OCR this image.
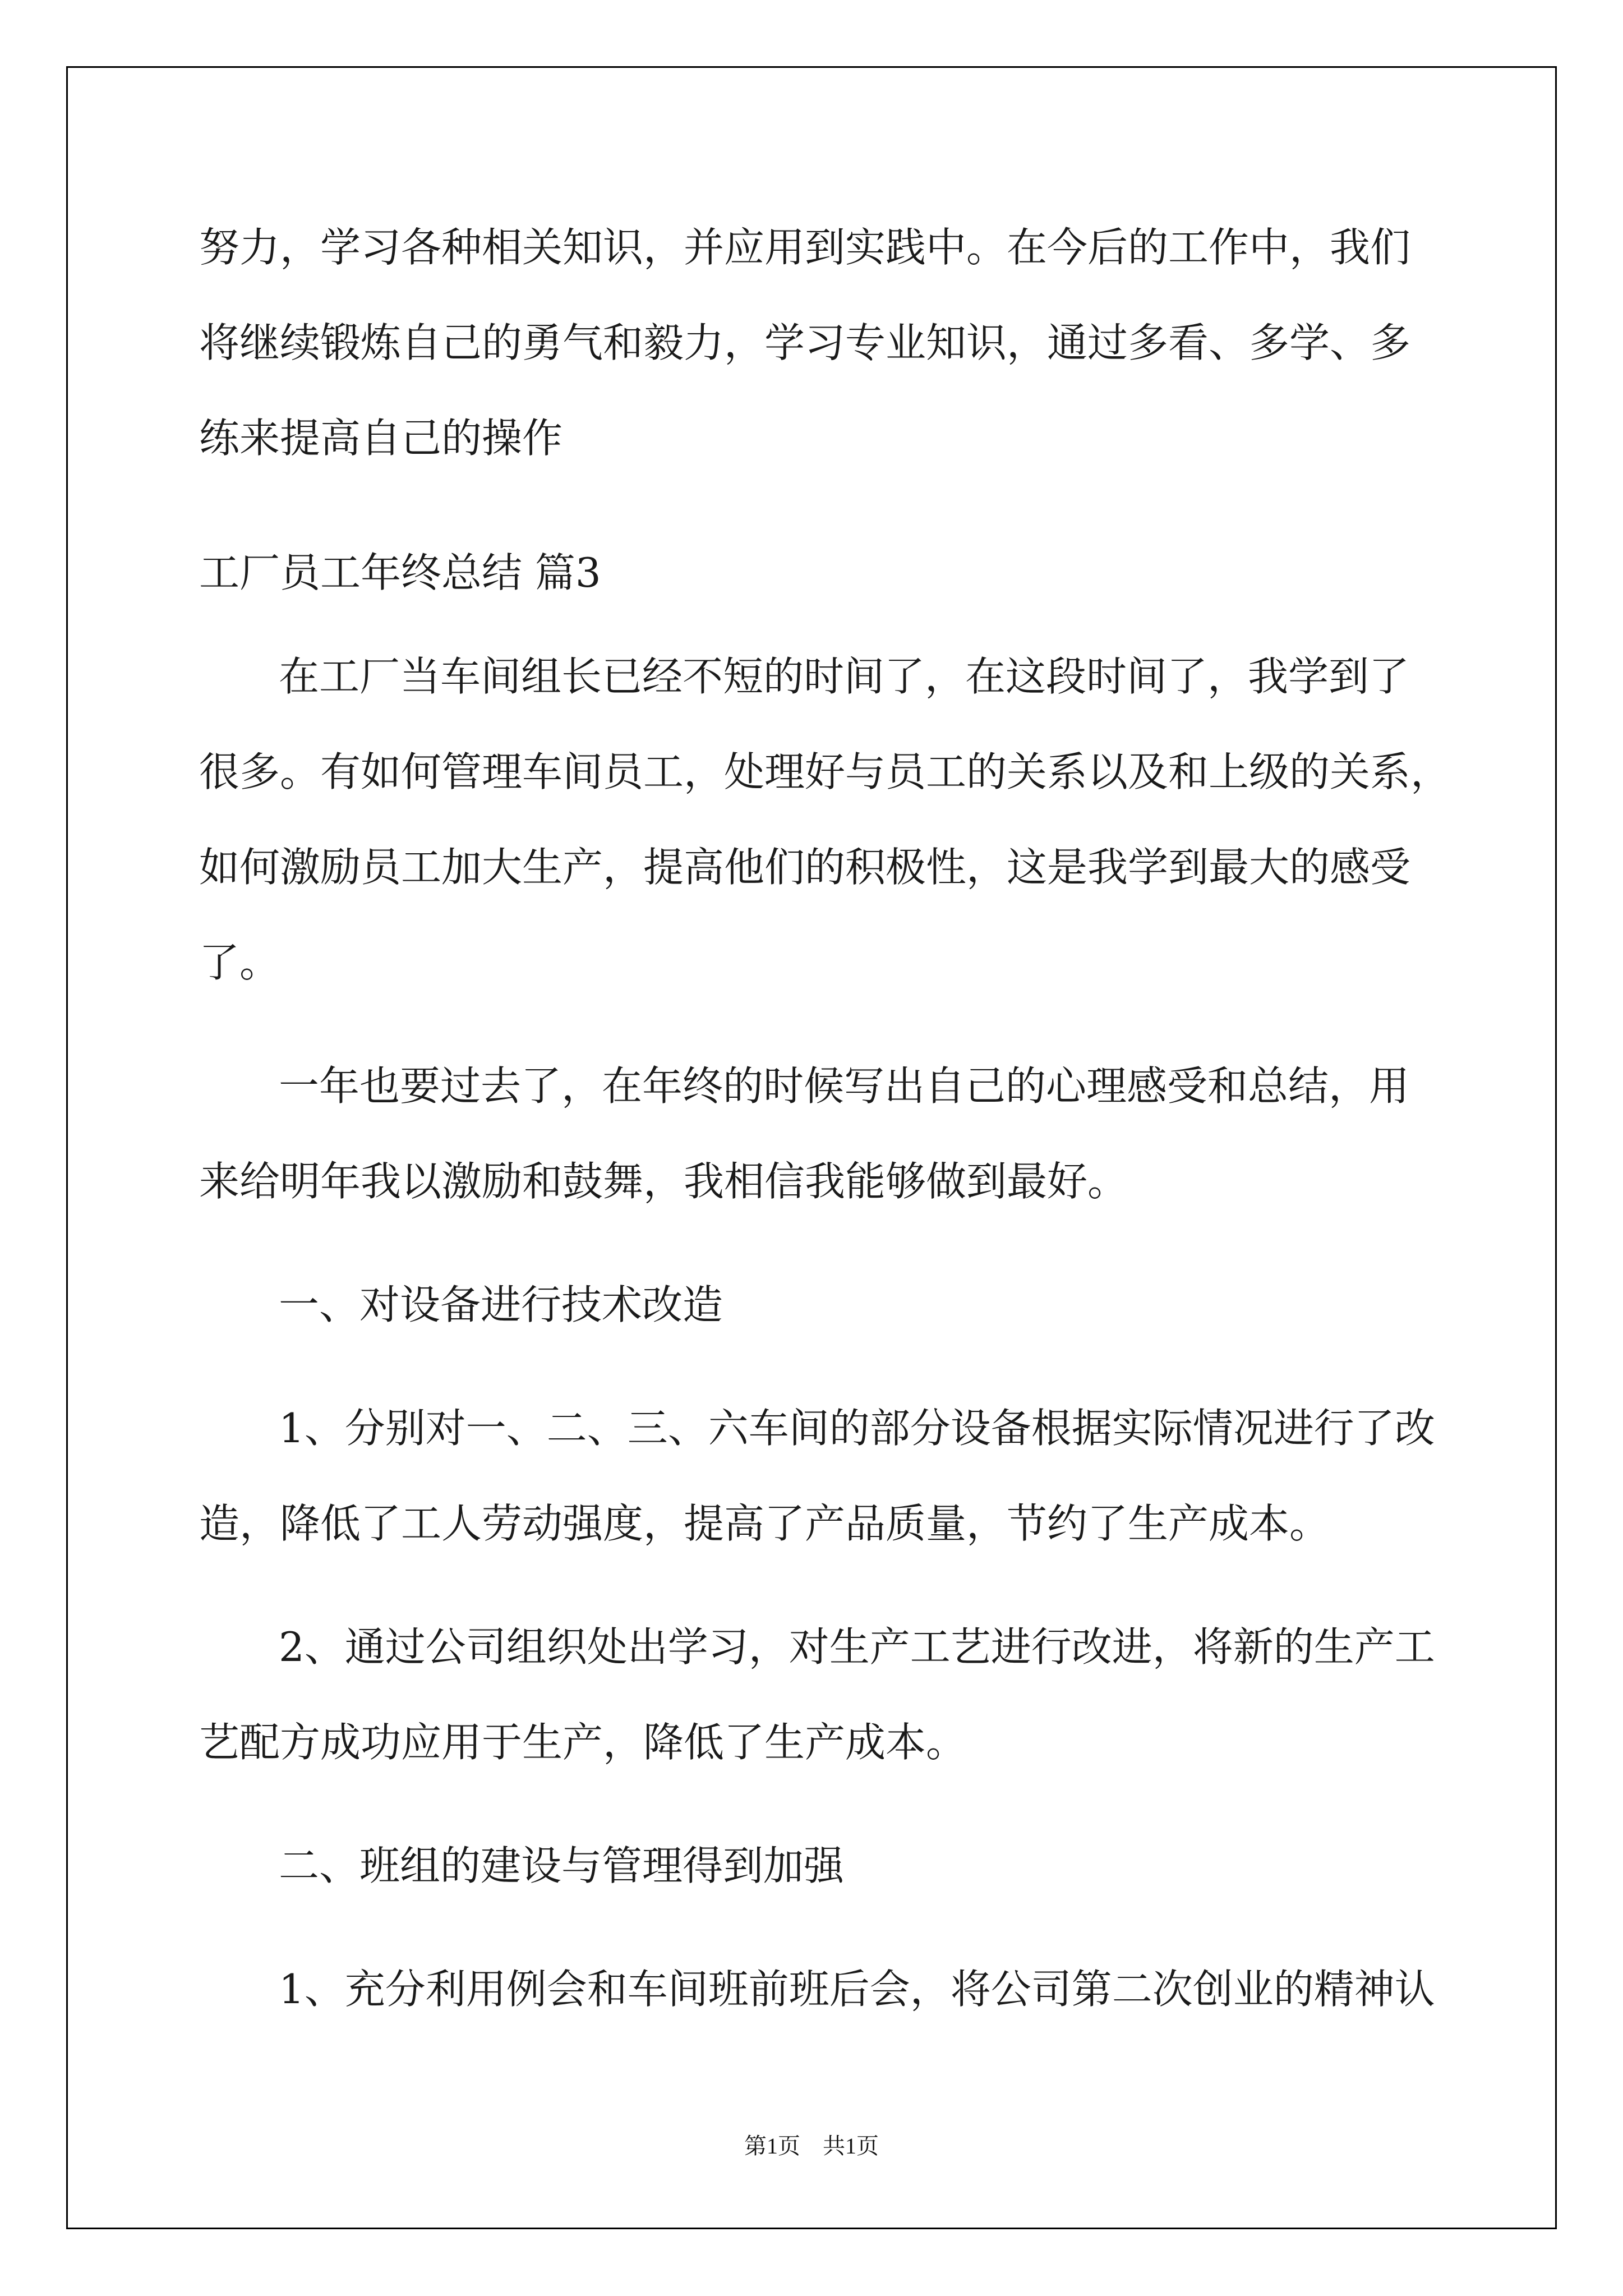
努力，学习各种相关知识，并应用到实践中。在今后的工作中，我们
将继续锻炼自己的勇气和毅力，学习专业知识，通过多看、多学、多
练来提高自己的操作
工厂员工年终总结 篇3
在工厂当车间组长已经不短的时间了，在这段时间了，我学到了
很多。有如何管理车间员工，处理好与员工的关系以及和上级的关系，
如何激励员工加大生产，提高他们的积极性，这是我学到最大的感受
了。
一年也要过去了，在年终的时候写出自己的心理感受和总结，用
来给明年我以激励和鼓舞，我相信我能够做到最好。
一、对设备进行技术改造
1、分别对一、二、三、六车间的部分设备根据实际情况进行了改
造，降低了工人劳动强度，提高了产品质量，节约了生产成本。
2、通过公司组织处出学习，对生产工艺进行改进，将新的生产工
艺配方成功应用于生产，降低了生产成本。
二、班组的建设与管理得到加强
1、充分利用例会和车间班前班后会，将公司第二次创业的精神认
第1页　共1页
